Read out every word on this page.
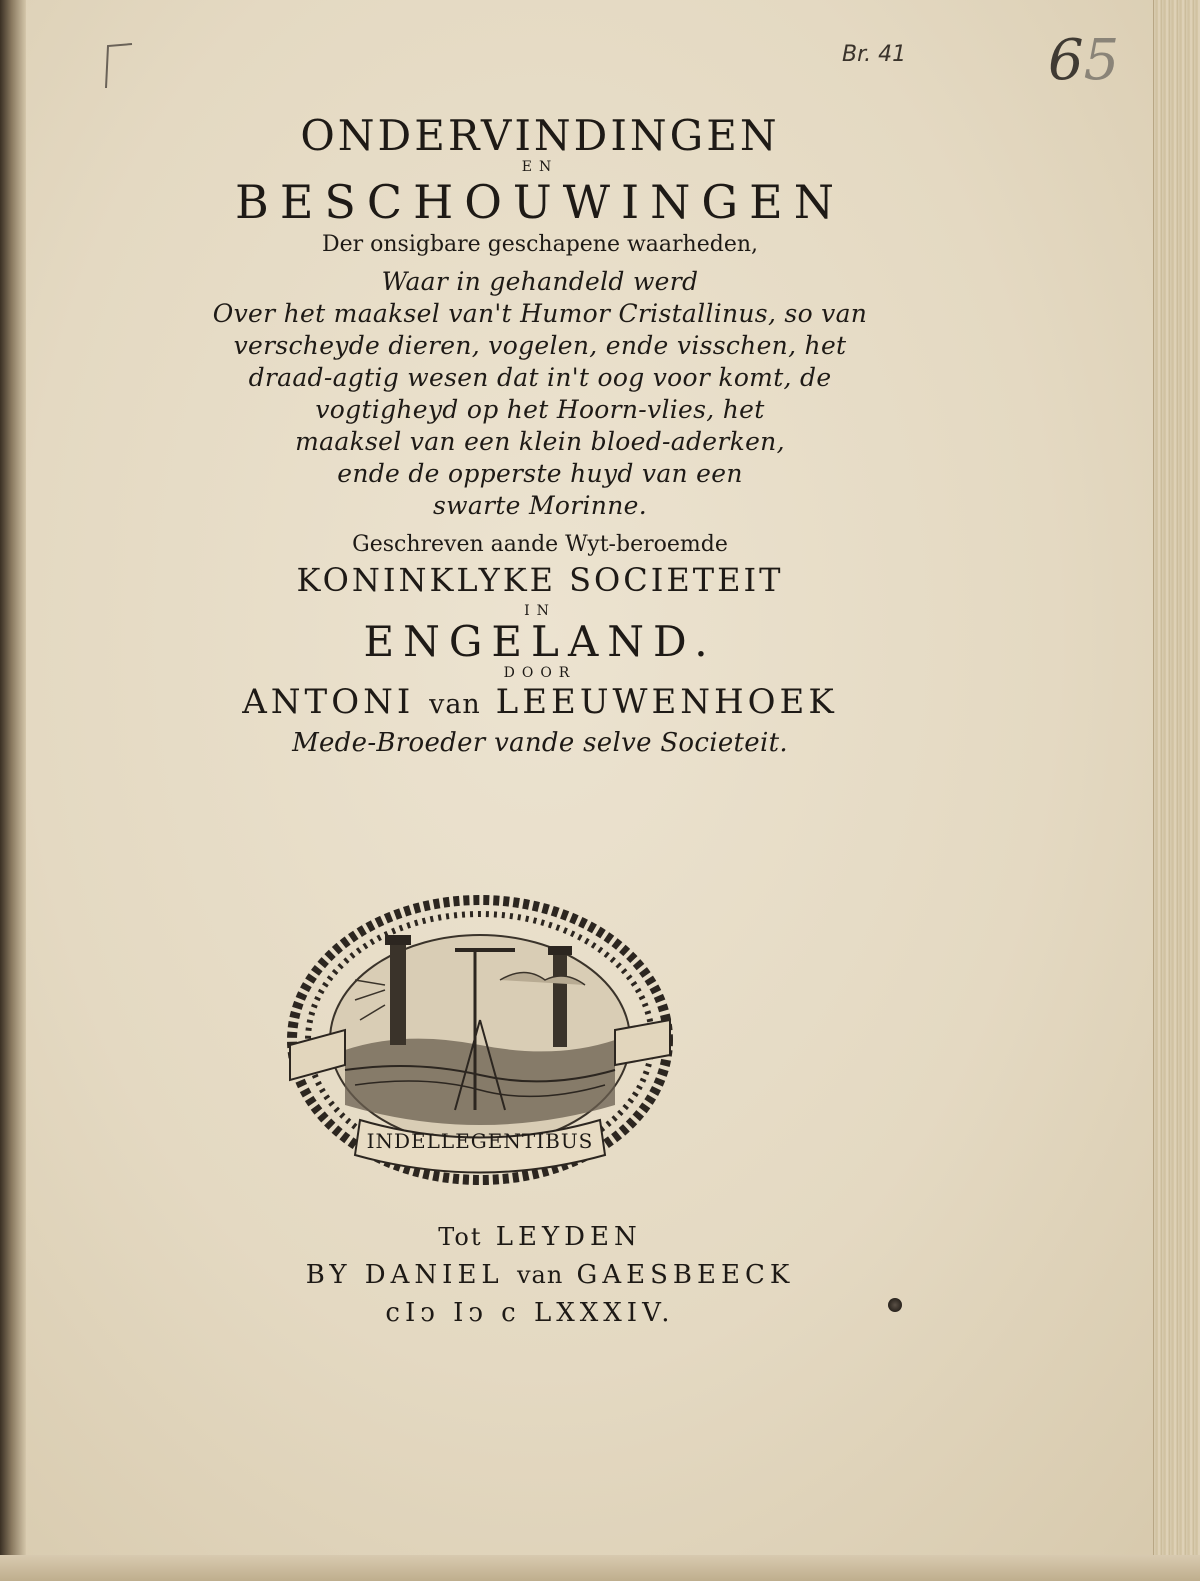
Br. 41	65
ONDERVINDINGEN
EN
BESCHOUWINGEN
Der onsigbare geschapene waarheden,
Waar in gehandeld werd
Over het maaksel van't Humor Cristallinus, so van
verscheyde dieren, vogelen, ende visschen, het
draad-agtig wesen dat in't oog voor komt, de
vogtigheyd op het Hoorn-vlies, het
maaksel van een klein bloed-aderken,
ende de opperste huyd van een
swarte Morinne.
Geschreven aande Wyt-beroemde
KONINKLYKE SOCIETEIT
IN
ENGELAND.
DOOR
ANTONI van LEEUWENHOEK
Mede-Broeder vande selve Societeit.
INDELLEGENTIBUS
Tot LEYDEN
BY DANIEL van GAESBEECK
cIↄ Iↄ c LXXXIV.
